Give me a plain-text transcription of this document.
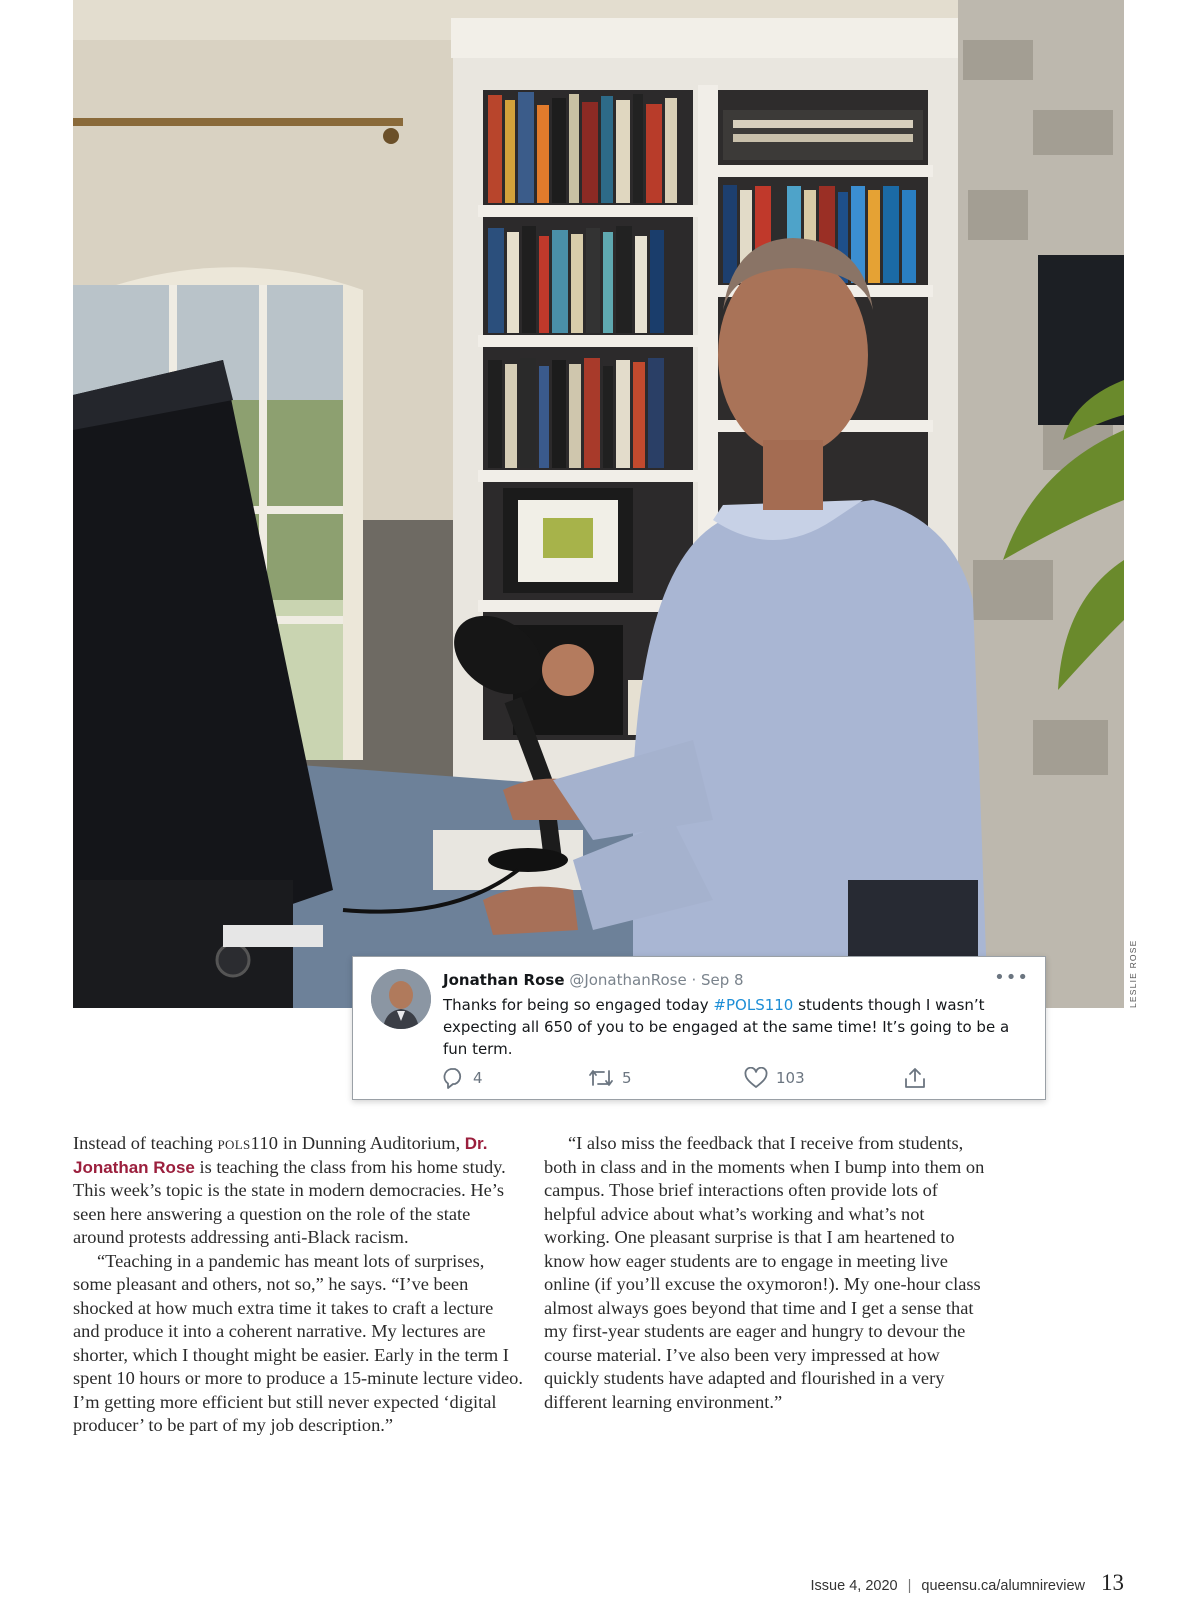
LESLIE ROSE
Jonathan Rose @JonathanRose · Sep 8	•••
Thanks for being so engaged today #POLS110 students though I wasn’t expecting all 650 of you to be engaged at the same time! It’s going to be a fun term.
4	5	103

Instead of teaching pols110 in Dunning Auditorium, Dr. Jonathan Rose is teaching the class from his home study. This week’s topic is the state in modern democracies. He’s seen here answering a question on the role of the state around protests addressing anti-Black racism.

“Teaching in a pandemic has meant lots of surprises, some pleasant and others, not so,” he says. “I’ve been shocked at how much extra time it takes to craft a lecture and produce it into a coherent narrative. My lectures are shorter, which I thought might be easier. Early in the term I spent 10 hours or more to produce a 15-minute lecture video. I’m getting more efficient but still never expected ‘digital producer’ to be part of my job description.”

“I also miss the feedback that I receive from students, both in class and in the moments when I bump into them on campus. Those brief interactions often provide lots of helpful advice about what’s working and what’s not working. One pleasant surprise is that I am heartened to know how eager students are to engage in meeting live online (if you’ll excuse the oxymoron!). My one-hour class almost always goes beyond that time and I get a sense that my first-year students are eager and hungry to devour the course material. I’ve also been very impressed at how quickly students have adapted and flourished in a very different learning environment.”

Issue 4, 2020 | queensu.ca/alumnireview 13
